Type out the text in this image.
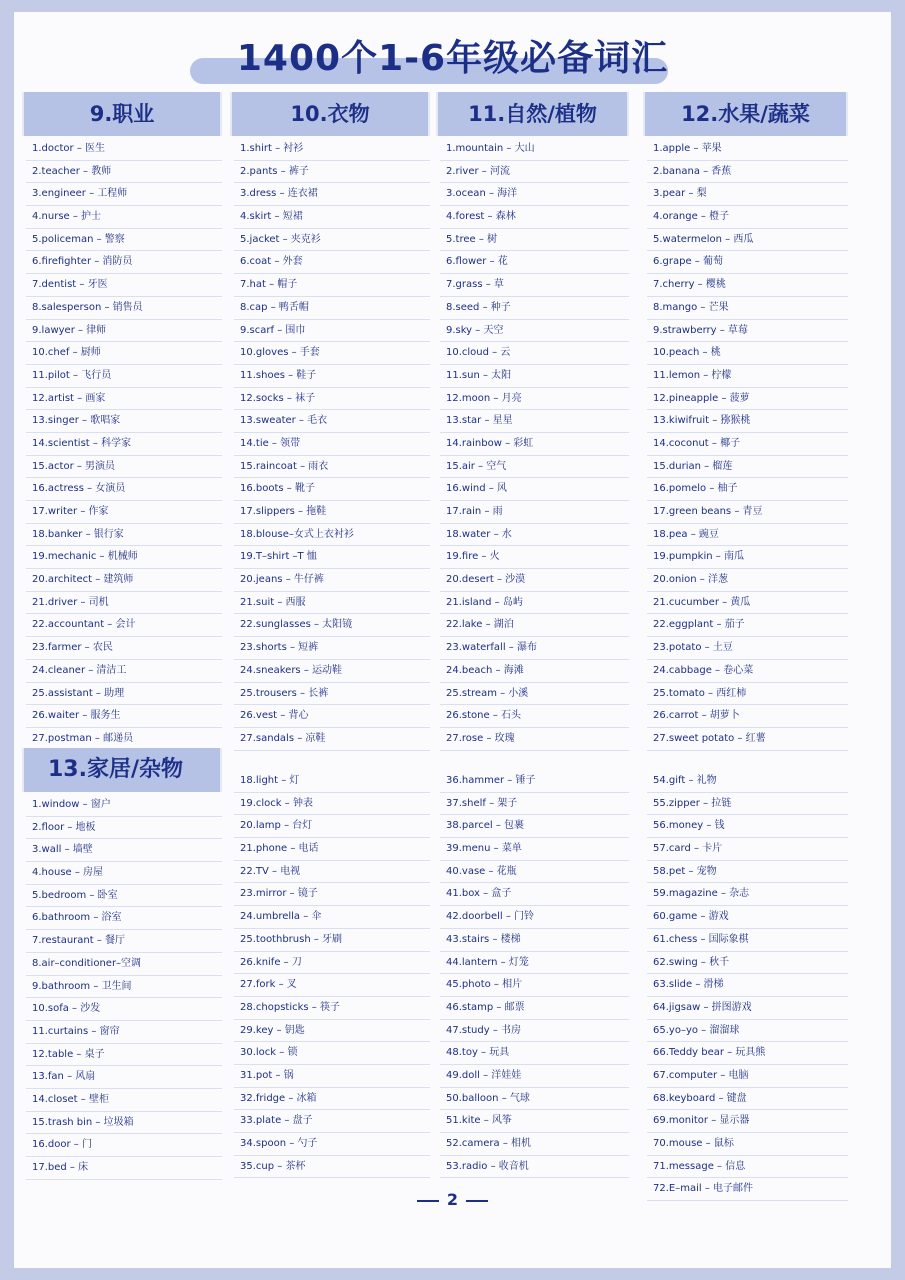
1400个1-6年级必备词汇
9.职业
1.doctor – 医生
2.teacher – 教师
3.engineer – 工程师
4.nurse – 护士
5.policeman – 警察
6.firefighter – 消防员
7.dentist – 牙医
8.salesperson – 销售员
9.lawyer – 律师
10.chef – 厨师
11.pilot – 飞行员
12.artist – 画家
13.singer – 歌唱家
14.scientist – 科学家
15.actor – 男演员
16.actress – 女演员
17.writer – 作家
18.banker – 银行家
19.mechanic – 机械师
20.architect – 建筑师
21.driver – 司机
22.accountant – 会计
23.farmer – 农民
24.cleaner – 清洁工
25.assistant – 助理
26.waiter – 服务生
27.postman – 邮递员
10.衣物
1.shirt – 衬衫
2.pants – 裤子
3.dress – 连衣裙
4.skirt – 短裙
5.jacket – 夹克衫
6.coat – 外套
7.hat – 帽子
8.cap – 鸭舌帽
9.scarf – 围巾
10.gloves – 手套
11.shoes – 鞋子
12.socks – 袜子
13.sweater – 毛衣
14.tie – 领带
15.raincoat – 雨衣
16.boots – 靴子
17.slippers – 拖鞋
18.blouse–女式上衣衬衫
19.T–shirt –T 恤
20.jeans – 牛仔裤
21.suit – 西服
22.sunglasses – 太阳镜
23.shorts – 短裤
24.sneakers – 运动鞋
25.trousers – 长裤
26.vest – 背心
27.sandals – 凉鞋
11.自然/植物
1.mountain – 大山
2.river – 河流
3.ocean – 海洋
4.forest – 森林
5.tree – 树
6.flower – 花
7.grass – 草
8.seed – 种子
9.sky – 天空
10.cloud – 云
11.sun – 太阳
12.moon – 月亮
13.star – 星星
14.rainbow – 彩虹
15.air – 空气
16.wind – 风
17.rain – 雨
18.water – 水
19.fire – 火
20.desert – 沙漠
21.island – 岛屿
22.lake – 湖泊
23.waterfall – 瀑布
24.beach – 海滩
25.stream – 小溪
26.stone – 石头
27.rose – 玫瑰
12.水果/蔬菜
1.apple – 苹果
2.banana – 香蕉
3.pear – 梨
4.orange – 橙子
5.watermelon – 西瓜
6.grape – 葡萄
7.cherry – 樱桃
8.mango – 芒果
9.strawberry – 草莓
10.peach – 桃
11.lemon – 柠檬
12.pineapple – 菠萝
13.kiwifruit – 猕猴桃
14.coconut – 椰子
15.durian – 榴莲
16.pomelo – 柚子
17.green beans – 青豆
18.pea – 豌豆
19.pumpkin – 南瓜
20.onion – 洋葱
21.cucumber – 黄瓜
22.eggplant – 茄子
23.potato – 土豆
24.cabbage – 卷心菜
25.tomato – 西红柿
26.carrot – 胡萝卜
27.sweet potato – 红薯
13.家居/杂物
1.window – 窗户
2.floor – 地板
3.wall – 墙壁
4.house – 房屋
5.bedroom – 卧室
6.bathroom – 浴室
7.restaurant – 餐厅
8.air–conditioner–空调
9.bathroom – 卫生间
10.sofa – 沙发
11.curtains – 窗帘
12.table – 桌子
13.fan – 风扇
14.closet – 壁柜
15.trash bin – 垃圾箱
16.door – 门
17.bed – 床
18.light – 灯
19.clock – 钟表
20.lamp – 台灯
21.phone – 电话
22.TV – 电视
23.mirror – 镜子
24.umbrella – 伞
25.toothbrush – 牙刷
26.knife – 刀
27.fork – 叉
28.chopsticks – 筷子
29.key – 钥匙
30.lock – 锁
31.pot – 锅
32.fridge – 冰箱
33.plate – 盘子
34.spoon – 勺子
35.cup – 茶杯
36.hammer – 锤子
37.shelf – 架子
38.parcel – 包裹
39.menu – 菜单
40.vase – 花瓶
41.box – 盒子
42.doorbell – 门铃
43.stairs – 楼梯
44.lantern – 灯笼
45.photo – 相片
46.stamp – 邮票
47.study – 书房
48.toy – 玩具
49.doll – 洋娃娃
50.balloon – 气球
51.kite – 风筝
52.camera – 相机
53.radio – 收音机
54.gift – 礼物
55.zipper – 拉链
56.money – 钱
57.card – 卡片
58.pet – 宠物
59.magazine – 杂志
60.game – 游戏
61.chess – 国际象棋
62.swing – 秋千
63.slide – 滑梯
64.jigsaw – 拼图游戏
65.yo–yo – 溜溜球
66.Teddy bear – 玩具熊
67.computer – 电脑
68.keyboard – 键盘
69.monitor – 显示器
70.mouse – 鼠标
71.message – 信息
72.E–mail – 电子邮件
2
